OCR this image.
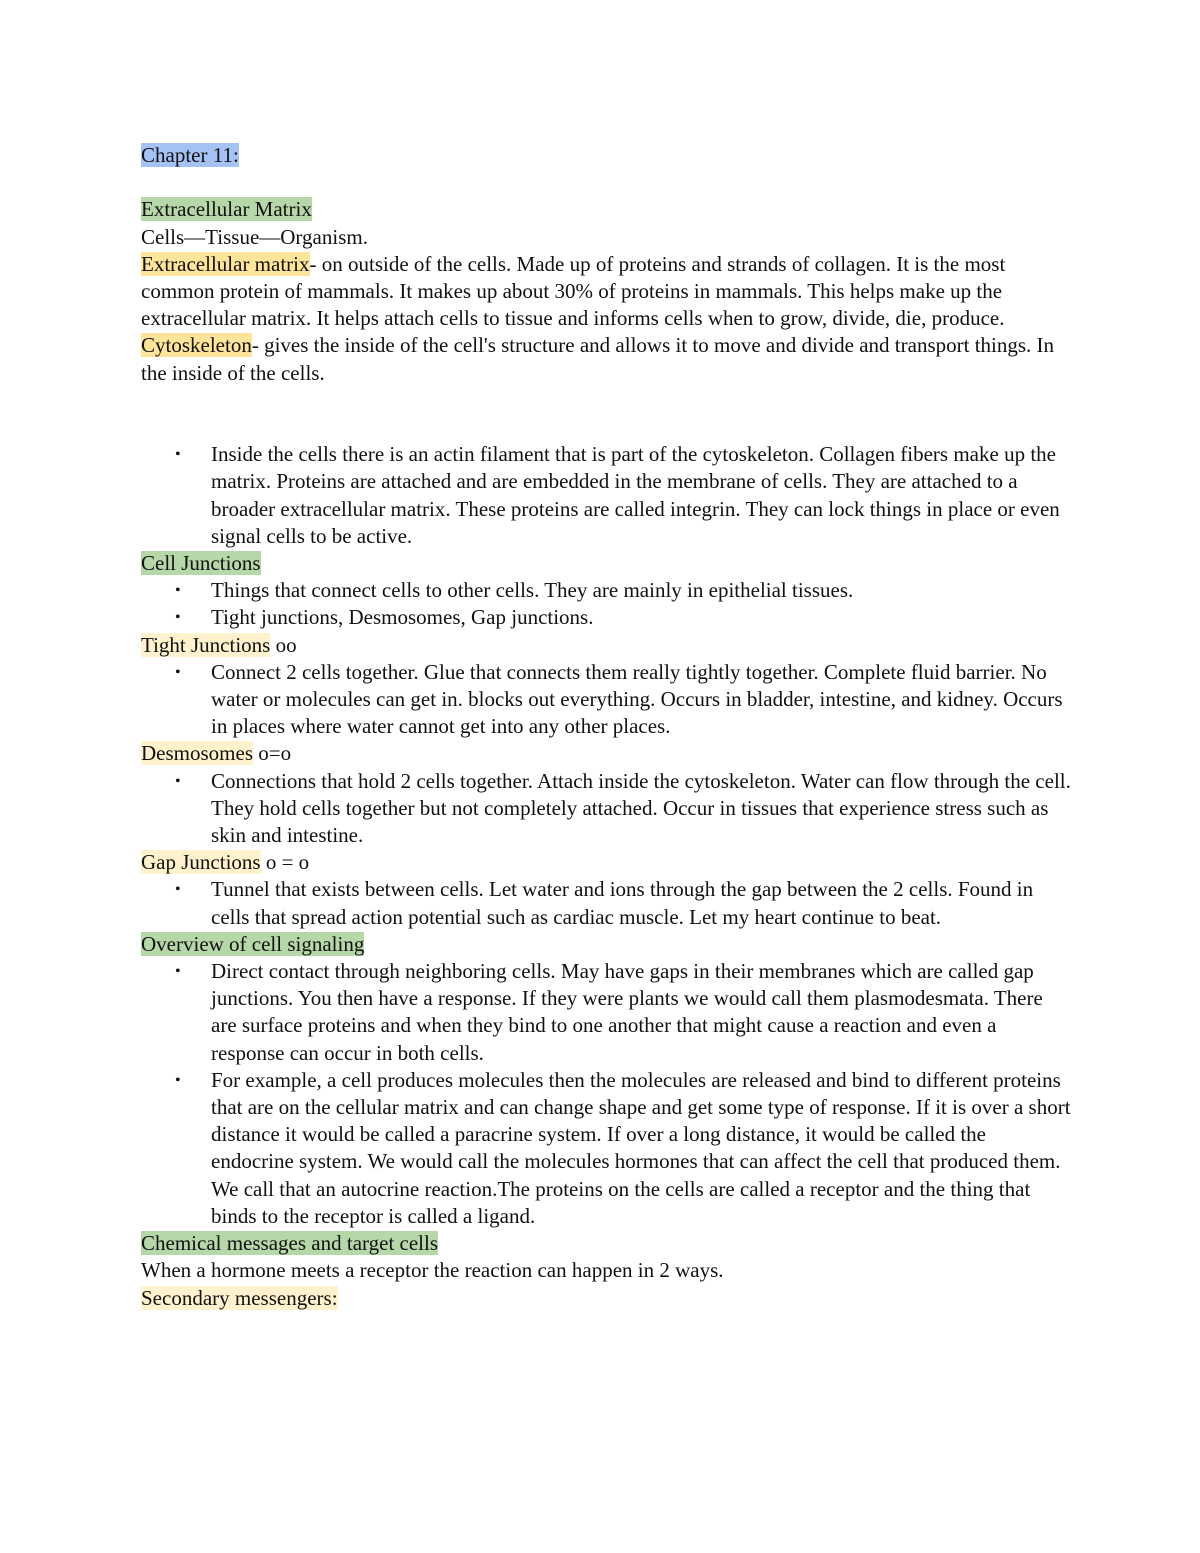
Chapter 11:

Extracellular Matrix

Cells—Tissue—Organism.

Extracellular matrix- on outside of the cells. Made up of proteins and strands of collagen. It is the most common protein of mammals. It makes up about 30% of proteins in mammals. This helps make up the extracellular matrix. It helps attach cells to tissue and informs cells when to grow, divide, die, produce.

Cytoskeleton- gives the inside of the cell's structure and allows it to move and divide and transport things. In the inside of the cells.

• Inside the cells there is an actin filament that is part of the cytoskeleton. Collagen fibers make up the matrix. Proteins are attached and are embedded in the membrane of cells. They are attached to a broader extracellular matrix. These proteins are called integrin. They can lock things in place or even signal cells to be active.

Cell Junctions

• Things that connect cells to other cells. They are mainly in epithelial tissues.
• Tight junctions, Desmosomes, Gap junctions.

Tight Junctions oo

• Connect 2 cells together. Glue that connects them really tightly together. Complete fluid barrier. No water or molecules can get in. blocks out everything. Occurs in bladder, intestine, and kidney. Occurs in places where water cannot get into any other places.

Desmosomes o=o

• Connections that hold 2 cells together. Attach inside the cytoskeleton. Water can flow through the cell. They hold cells together but not completely attached. Occur in tissues that experience stress such as skin and intestine.

Gap Junctions o = o

• Tunnel that exists between cells. Let water and ions through the gap between the 2 cells. Found in cells that spread action potential such as cardiac muscle. Let my heart continue to beat.

Overview of cell signaling

• Direct contact through neighboring cells. May have gaps in their membranes which are called gap junctions. You then have a response. If they were plants we would call them plasmodesmata. There are surface proteins and when they bind to one another that might cause a reaction and even a response can occur in both cells.
• For example, a cell produces molecules then the molecules are released and bind to different proteins that are on the cellular matrix and can change shape and get some type of response. If it is over a short distance it would be called a paracrine system. If over a long distance, it would be called the endocrine system. We would call the molecules hormones that can affect the cell that produced them. We call that an autocrine reaction.The proteins on the cells are called a receptor and the thing that binds to the receptor is called a ligand.

Chemical messages and target cells

When a hormone meets a receptor the reaction can happen in 2 ways.

Secondary messengers:
